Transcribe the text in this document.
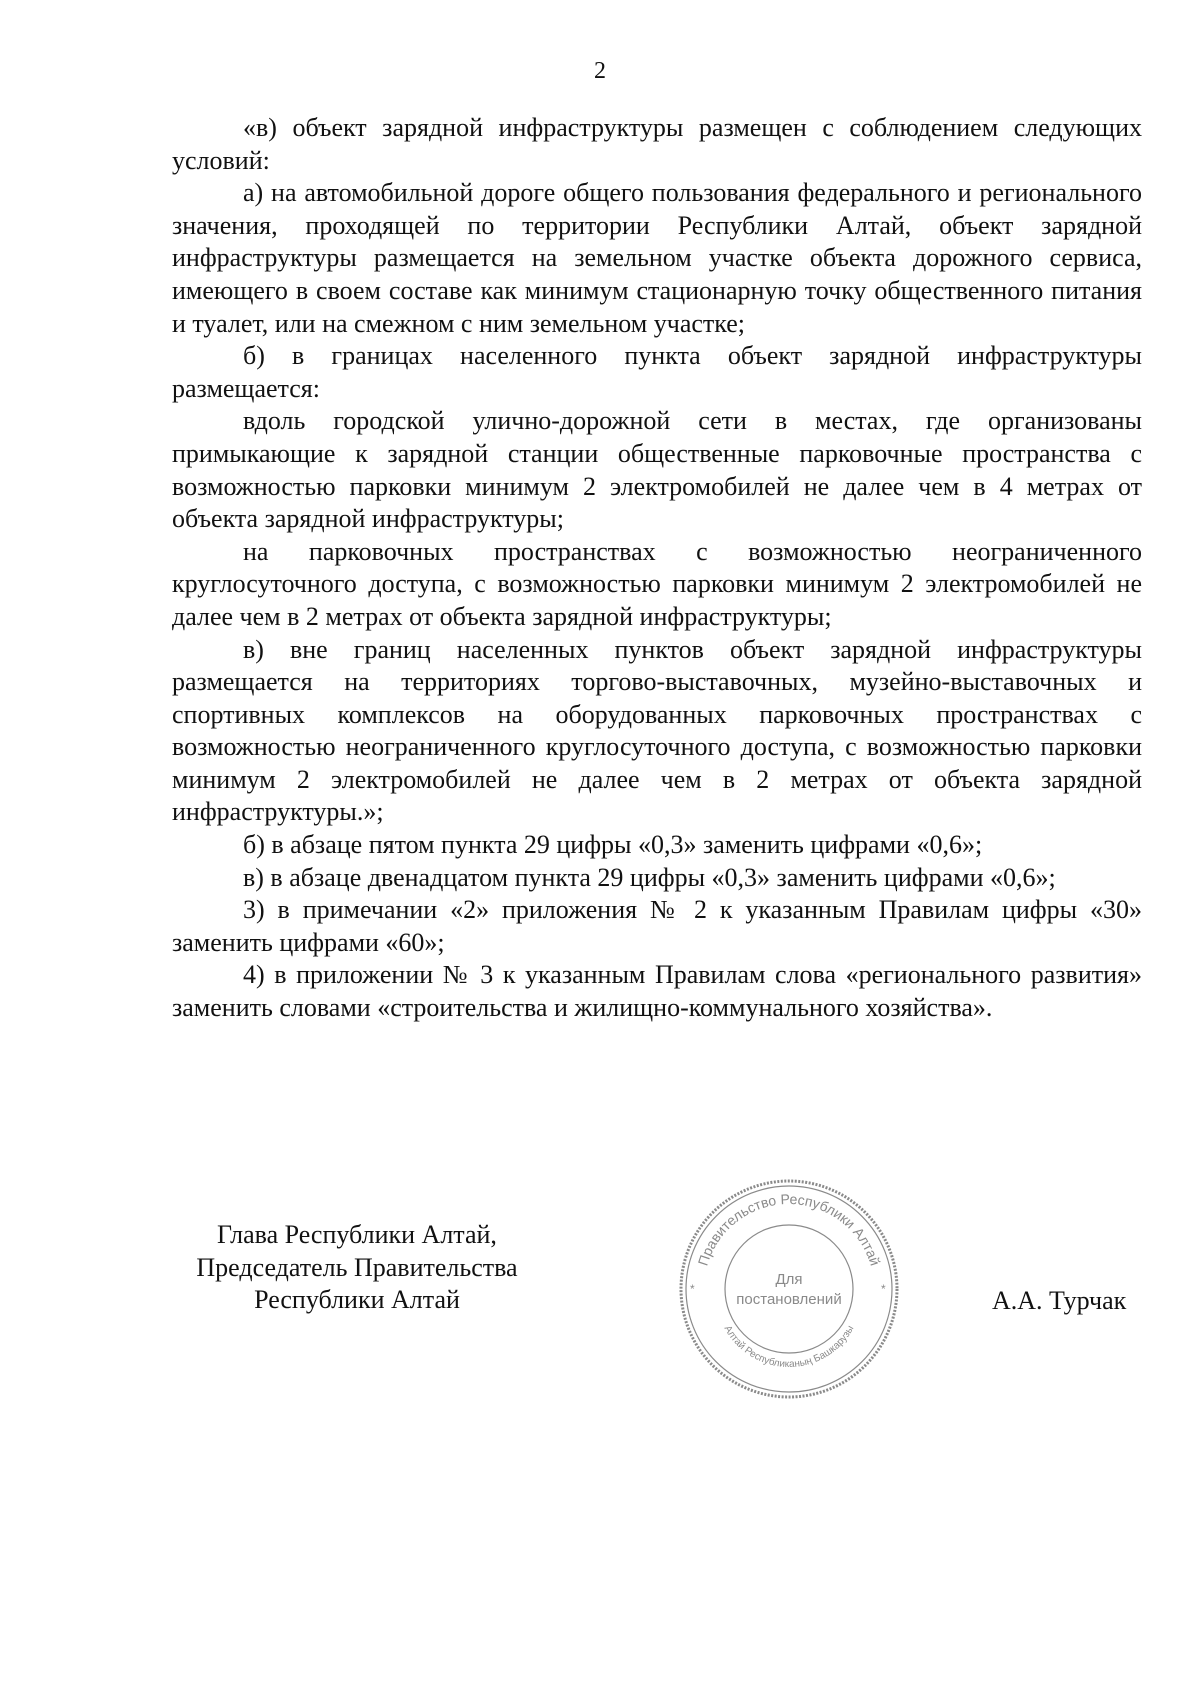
2

«в) объект зарядной инфраструктуры размещен с соблюдением следующих условий:

а) на автомобильной дороге общего пользования федерального и регионального значения, проходящей по территории Республики Алтай, объект зарядной инфраструктуры размещается на земельном участке объекта дорожного сервиса, имеющего в своем составе как минимум стационарную точку общественного питания и туалет, или на смежном с ним земельном участке;

б) в границах населенного пункта объект зарядной инфраструктуры размещается:

вдоль городской улично-дорожной сети в местах, где организованы примыкающие к зарядной станции общественные парковочные пространства с возможностью парковки минимум 2 электромобилей не далее чем в 4 метрах от объекта зарядной инфраструктуры;

на парковочных пространствах с возможностью неограниченного круглосуточного доступа, с возможностью парковки минимум 2 электромобилей не далее чем в 2 метрах от объекта зарядной инфраструктуры;

в) вне границ населенных пунктов объект зарядной инфраструктуры размещается на территориях торгово-выставочных, музейно-выставочных и спортивных комплексов на оборудованных парковочных пространствах с возможностью неограниченного круглосуточного доступа, с возможностью парковки минимум 2 электромобилей не далее чем в 2 метрах от объекта зарядной инфраструктуры.»;

б) в абзаце пятом пункта 29 цифры «0,3» заменить цифрами «0,6»;

в) в абзаце двенадцатом пункта 29 цифры «0,3» заменить цифрами «0,6»;

3) в примечании «2» приложения № 2 к указанным Правилам цифры «30» заменить цифрами «60»;

4) в приложении № 3 к указанным Правилам слова «регионального развития» заменить словами «строительства и жилищно-коммунального хозяйства».

Глава Республики Алтай,
Председатель Правительства
Республики Алтай
Правительство Республики Алтай
Алтай Республиканың Башкарузы
*	*
Для
постановлений	А.А. Турчак
